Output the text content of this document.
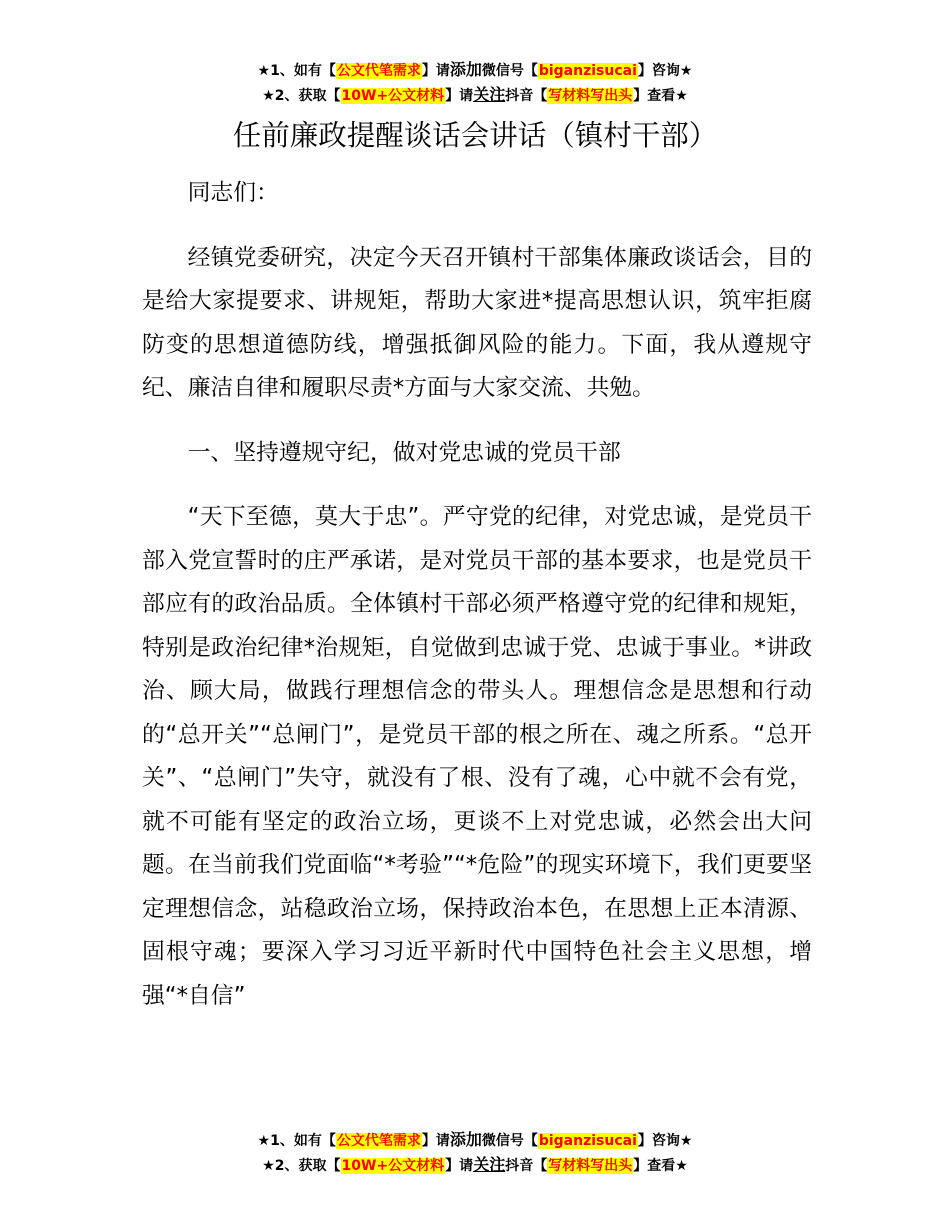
★1、如有【公文代笔需求】请添加微信号【biganzisucai】咨询★
★2、获取【10W+公文材料】请关注抖音【写材料写出头】查看★
任前廉政提醒谈话会讲话（镇村干部）

同志们：

经镇党委研究，决定今天召开镇村干部集体廉政谈话会，目的是给大家提要求、讲规矩，帮助大家进*提高思想认识，筑牢拒腐防变的思想道德防线，增强抵御风险的能力。下面，我从遵规守纪、廉洁自律和履职尽责*方面与大家交流、共勉。

一、坚持遵规守纪，做对党忠诚的党员干部

“天下至德，莫大于忠”。严守党的纪律，对党忠诚，是党员干部入党宣誓时的庄严承诺，是对党员干部的基本要求，也是党员干部应有的政治品质。全体镇村干部必须严格遵守党的纪律和规矩，特别是政治纪律*治规矩，自觉做到忠诚于党、忠诚于事业。*讲政治、顾大局，做践行理想信念的带头人。理想信念是思想和行动的“总开关”“总闸门”，是党员干部的根之所在、魂之所系。“总开关”、“总闸门”失守，就没有了根、没有了魂，心中就不会有党，就不可能有坚定的政治立场，更谈不上对党忠诚，必然会出大问题。在当前我们党面临“*考验”“*危险”的现实环境下，我们更要坚定理想信念，站稳政治立场，保持政治本色，在思想上正本清源、固根守魂；要深入学习习近平新时代中国特色社会主义思想，增强“*自信”

★1、如有【公文代笔需求】请添加微信号【biganzisucai】咨询★
★2、获取【10W+公文材料】请关注抖音【写材料写出头】查看★
